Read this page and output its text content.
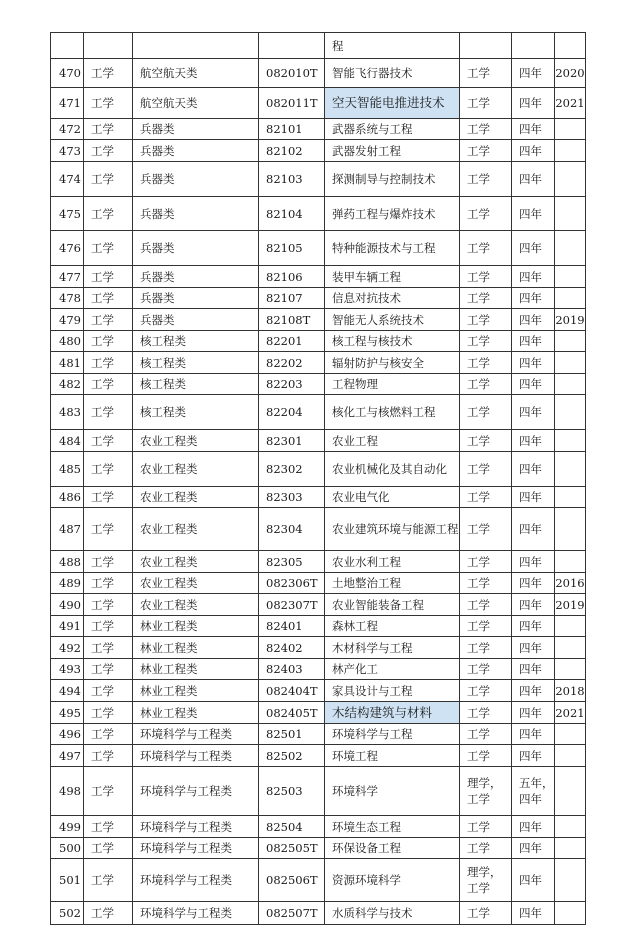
				程			
470	工学	航空航天类	082010T	智能飞行器技术	工学	四年	2020
471	工学	航空航天类	082011T	空天智能电推进技术	工学	四年	2021
472	工学	兵器类	82101	武器系统与工程	工学	四年	
473	工学	兵器类	82102	武器发射工程	工学	四年	
474	工学	兵器类	82103	探测制导与控制技术	工学	四年	
475	工学	兵器类	82104	弹药工程与爆炸技术	工学	四年	
476	工学	兵器类	82105	特种能源技术与工程	工学	四年	
477	工学	兵器类	82106	装甲车辆工程	工学	四年	
478	工学	兵器类	82107	信息对抗技术	工学	四年	
479	工学	兵器类	82108T	智能无人系统技术	工学	四年	2019
480	工学	核工程类	82201	核工程与核技术	工学	四年	
481	工学	核工程类	82202	辐射防护与核安全	工学	四年	
482	工学	核工程类	82203	工程物理	工学	四年	
483	工学	核工程类	82204	核化工与核燃料工程	工学	四年	
484	工学	农业工程类	82301	农业工程	工学	四年	
485	工学	农业工程类	82302	农业机械化及其自动化	工学	四年	
486	工学	农业工程类	82303	农业电气化	工学	四年	
487	工学	农业工程类	82304	农业建筑环境与能源工程	工学	四年	
488	工学	农业工程类	82305	农业水利工程	工学	四年	
489	工学	农业工程类	082306T	土地整治工程	工学	四年	2016
490	工学	农业工程类	082307T	农业智能装备工程	工学	四年	2019
491	工学	林业工程类	82401	森林工程	工学	四年	
492	工学	林业工程类	82402	木材科学与工程	工学	四年	
493	工学	林业工程类	82403	林产化工	工学	四年	
494	工学	林业工程类	082404T	家具设计与工程	工学	四年	2018
495	工学	林业工程类	082405T	木结构建筑与材料	工学	四年	2021
496	工学	环境科学与工程类	82501	环境科学与工程	工学	四年	
497	工学	环境科学与工程类	82502	环境工程	工学	四年	
498	工学	环境科学与工程类	82503	环境科学	理学，工学	五年，四年	
499	工学	环境科学与工程类	82504	环境生态工程	工学	四年	
500	工学	环境科学与工程类	082505T	环保设备工程	工学	四年	
501	工学	环境科学与工程类	082506T	资源环境科学	理学，工学	四年	
502	工学	环境科学与工程类	082507T	水质科学与技术	工学	四年	
